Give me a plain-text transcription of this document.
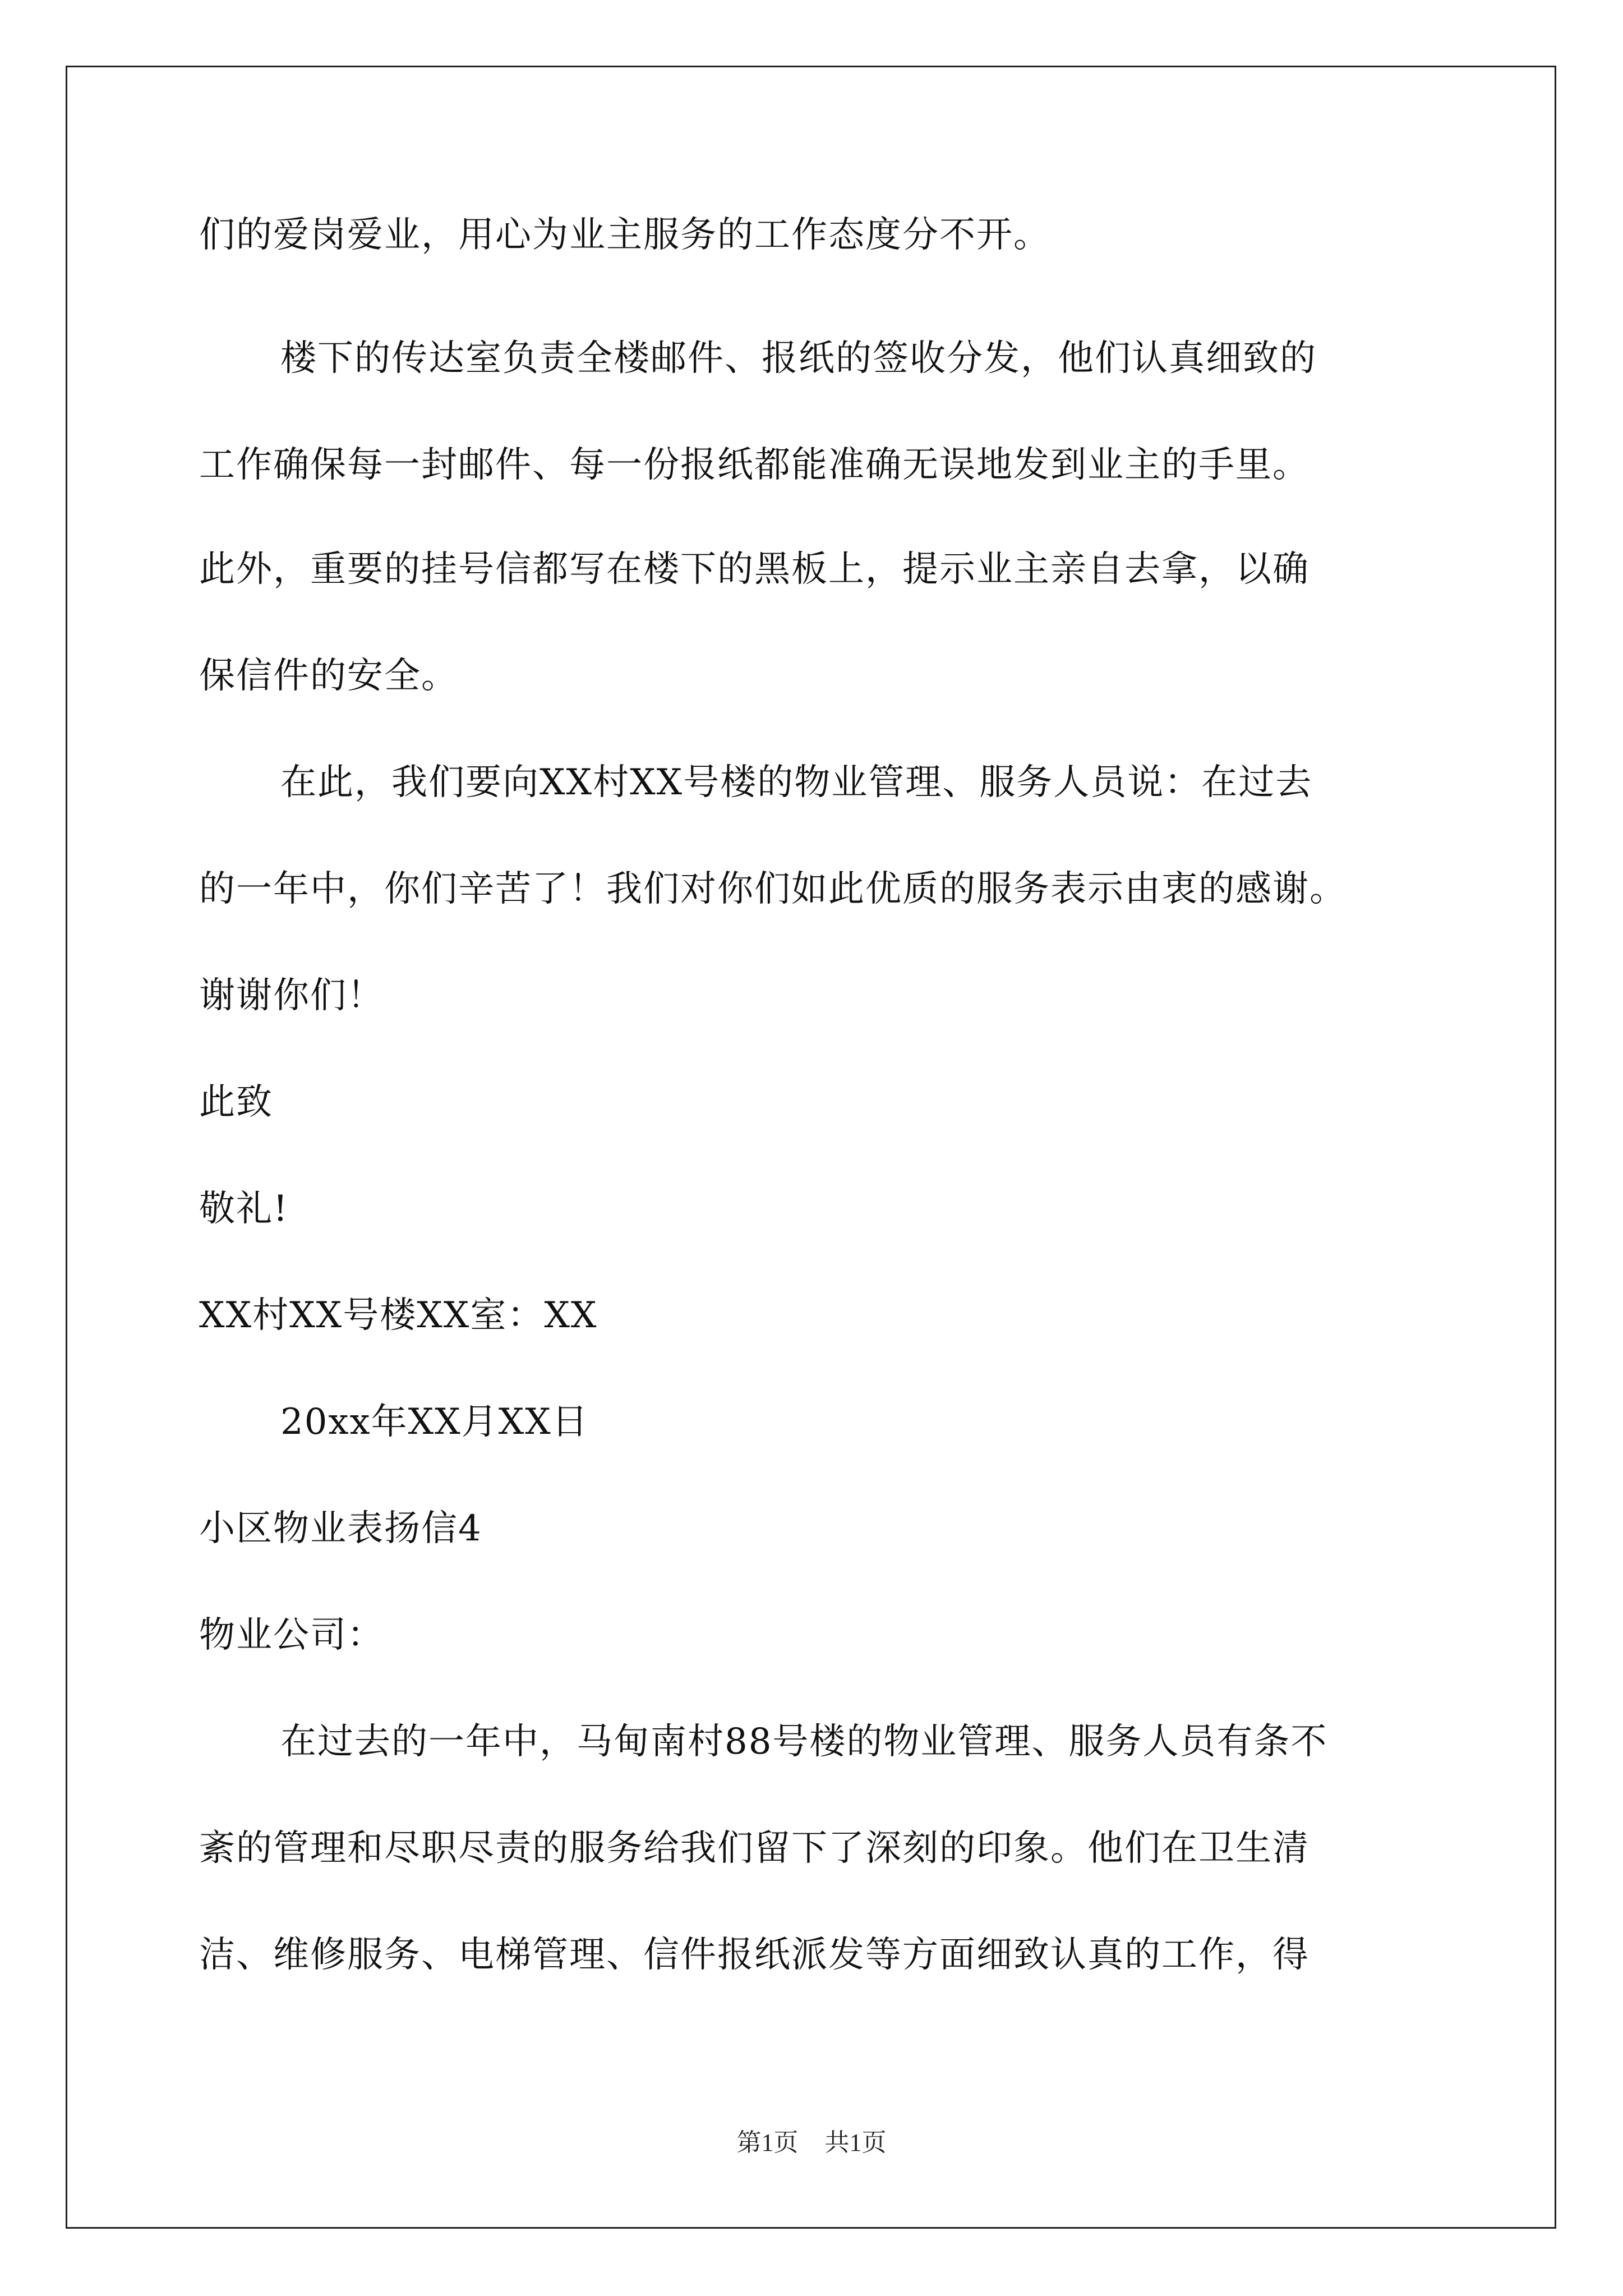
们的爱岗爱业，用心为业主服务的工作态度分不开。
楼下的传达室负责全楼邮件、报纸的签收分发，他们认真细致的
工作确保每一封邮件、每一份报纸都能准确无误地发到业主的手里。
此外，重要的挂号信都写在楼下的黑板上，提示业主亲自去拿，以确
保信件的安全。
在此，我们要向XX村XX号楼的物业管理、服务人员说：在过去
的一年中，你们辛苦了！我们对你们如此优质的服务表示由衷的感谢。
谢谢你们！
此致
敬礼!
XX村XX号楼XX室：XX
20xx年XX月XX日
小区物业表扬信4
物业公司：
在过去的一年中，马甸南村88号楼的物业管理、服务人员有条不
紊的管理和尽职尽责的服务给我们留下了深刻的印象。他们在卫生清
洁、维修服务、电梯管理、信件报纸派发等方面细致认真的工作，得
第1页 共1页
